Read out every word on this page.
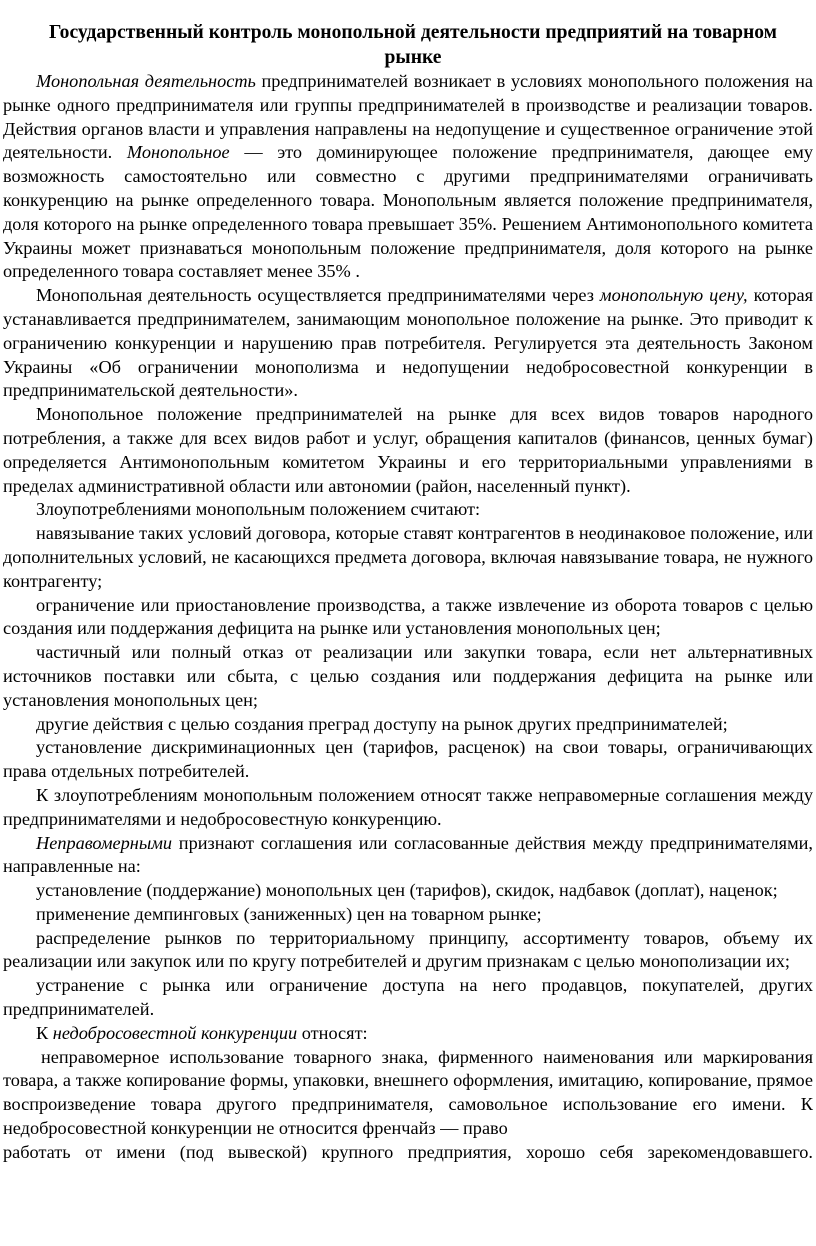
Государственный контроль монопольной деятельности предприятий на товарном рынке

Монопольная деятельность предпринимателей возникает в условиях монопольного положения на рынке одного предпринимателя или группы предпринимателей в производстве и реализации товаров. Действия органов власти и управления направлены на недопущение и существенное ограничение этой деятельности. Монопольное — это доминирующее положение предпринимателя, дающее ему возможность самостоятельно или совместно с другими предпринимателями ограничивать конкуренцию на рынке определенного товара. Монопольным является положение предпринимателя, доля которого на рынке определенного товара превышает 35%. Решением Антимонопольного комитета Украины может признаваться монопольным положение предпринимателя, доля которого на рынке определенного товара составляет менее 35% .

Монопольная деятельность осуществляется предпринимателями через монопольную цену, которая устанавливается предпринимателем, занимающим монопольное положение на рынке. Это приводит к ограничению конкуренции и нарушению прав потребителя. Регулируется эта деятельность Законом Украины «Об ограничении монополизма и недопущении недобросовестной конкуренции в предпринимательской деятельности».

Монопольное положение предпринимателей на рынке для всех видов товаров народного потребления, а также для всех видов работ и услуг, обращения капиталов (финансов, ценных бумаг) определяется Антимонопольным комитетом Украины и его территориальными управлениями в пределах административной области или автономии (район, населенный пункт).

Злоупотреблениями монопольным положением считают:

навязывание таких условий договора, которые ставят контрагентов в неодинаковое положение, или дополнительных условий, не касающихся предмета договора, включая навязывание товара, не нужного контрагенту;

ограничение или приостановление производства, а также извлечение из оборота товаров с целью создания или поддержания дефицита на рынке или установления монопольных цен;

частичный или полный отказ от реализации или закупки товара, если нет альтернативных источников поставки или сбыта, с целью создания или поддержания дефицита на рынке или установления монопольных цен;

другие действия с целью создания преград доступу на рынок других предпринимателей;

установление дискриминационных цен (тарифов, расценок) на свои товары, ограничивающих права отдельных потребителей.

К злоупотреблениям монопольным положением относят также неправомерные соглашения между предпринимателями и недобросовестную конкуренцию.

Неправомерными признают соглашения или согласованные действия между предпринимателями, направленные на:

установление (поддержание) монопольных цен (тарифов), скидок, надбавок (доплат), наценок;

применение демпинговых (заниженных) цен на товарном рынке;

распределение рынков по территориальному принципу, ассортименту товаров, объему их реализации или закупок или по кругу потребителей и другим признакам с целью монополизации их;

устранение с рынка или ограничение доступа на него продавцов, покупателей, других предпринимателей.

К недобросовестной конкуренции относят:

неправомерное использование товарного знака, фирменного наименования или маркирования товара, а также копирование формы, упаковки, внешнего оформления, имитацию, копирование, прямое воспроизведение товара другого предпринимателя, самовольное использование его имени. К недобросовестной конкуренции не относится френчайз — право
работать от имени (под вывеской) крупного предприятия, хорошо себя зарекомендовавшего.
